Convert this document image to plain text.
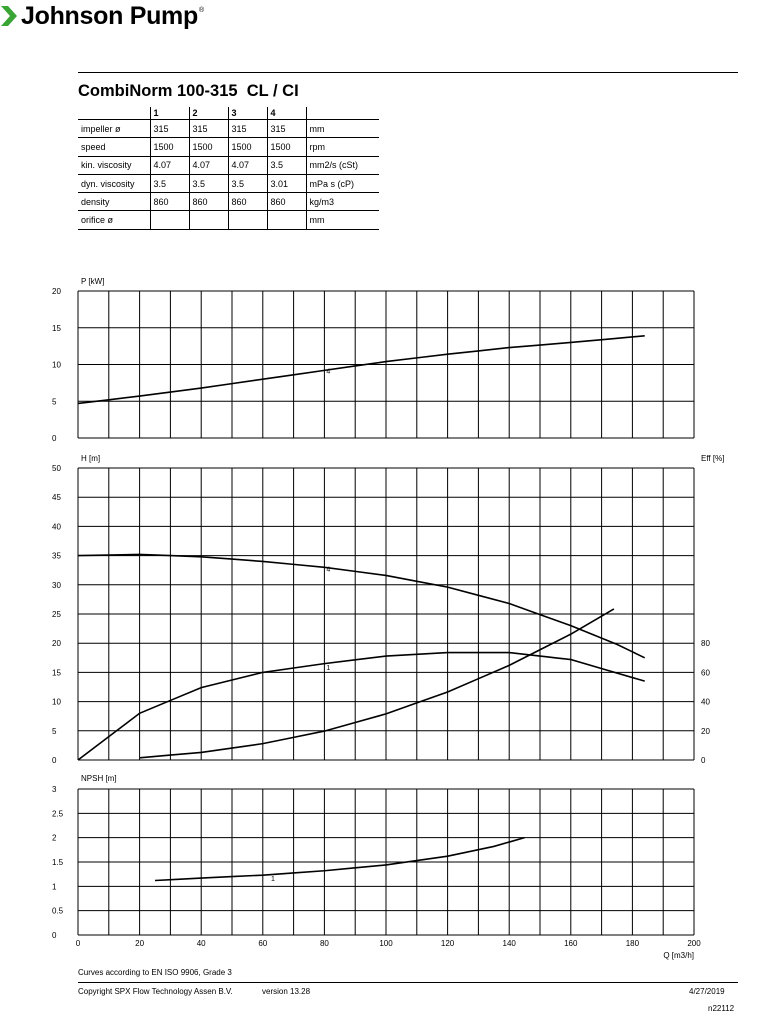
Johnson Pump ®
CombiNorm 100-315  CL / CI
	1	2	3	4	
impeller ø	315	315	315	315	mm
speed	1500	1500	1500	1500	rpm
kin. viscosity	4.07	4.07	4.07	3.5	mm2/s (cSt)
dyn. viscosity	3.5	3.5	3.5	3.01	mPa s (cP)
density	860	860	860	860	kg/m3
orifice ø					mm
0
5
10
15
20
P [kW]
4
0
5
10
15
20
25
30
35
40
45
50
H [m]	Eff [%]
0
20
40
60
80
4
1
0
0.5
1
1.5
2
2.5
3
NPSH [m]
0	20	40	60	80	100	120	140	160	180	200
Q [m3/h]
1
Curves according to EN ISO 9906, Grade 3
Copyright SPX Flow Technology Assen B.V.	version 13.28	4/27/2019
n22112
